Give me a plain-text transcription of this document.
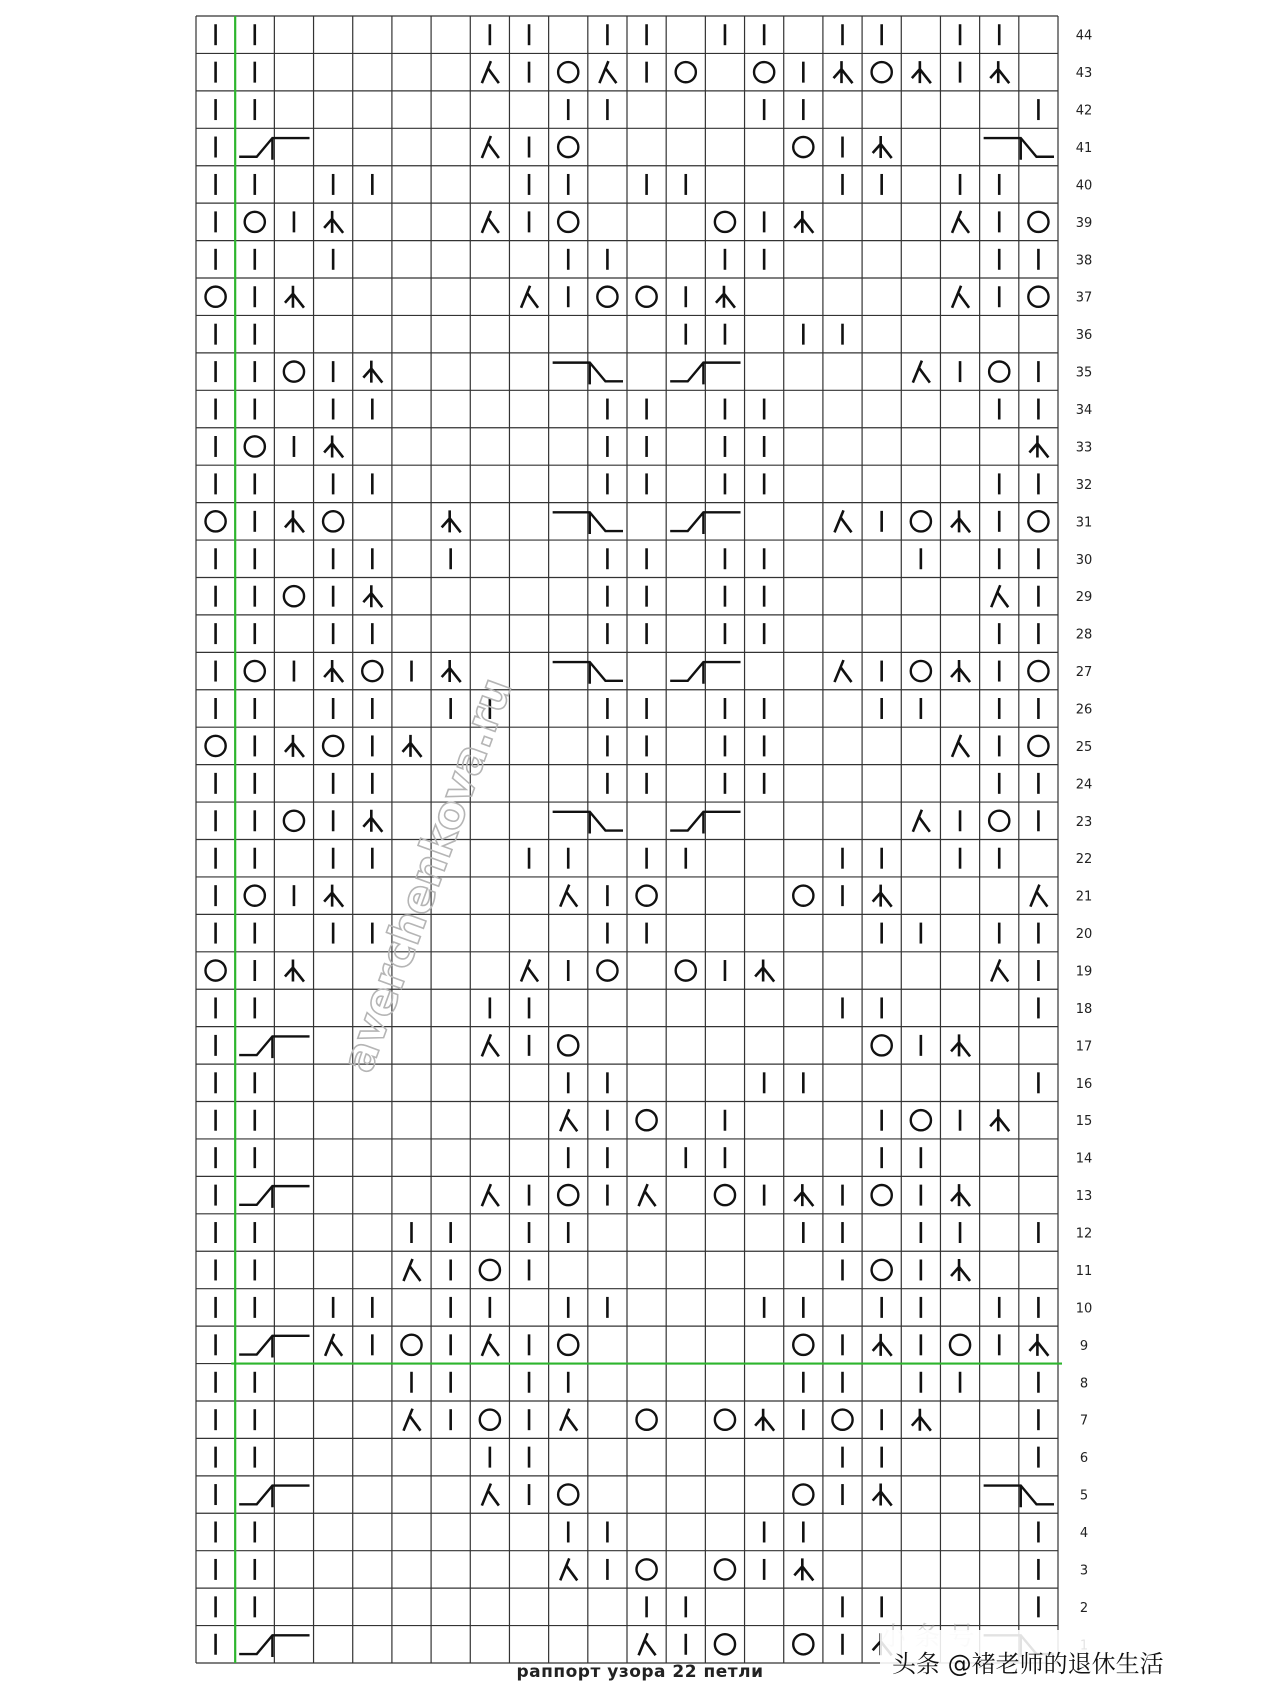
2
3
4
5
6
7
8
9
10
11
12
13
14
15
16
17
18
19
20
21
22
23
24
25
26
27
28
29
30
31
32
33
34
35
36
37
38
39
40
41
42
43
44
averchenkova.ru
раппорт узора 22 петли	头条 @褚老师的退休生活
